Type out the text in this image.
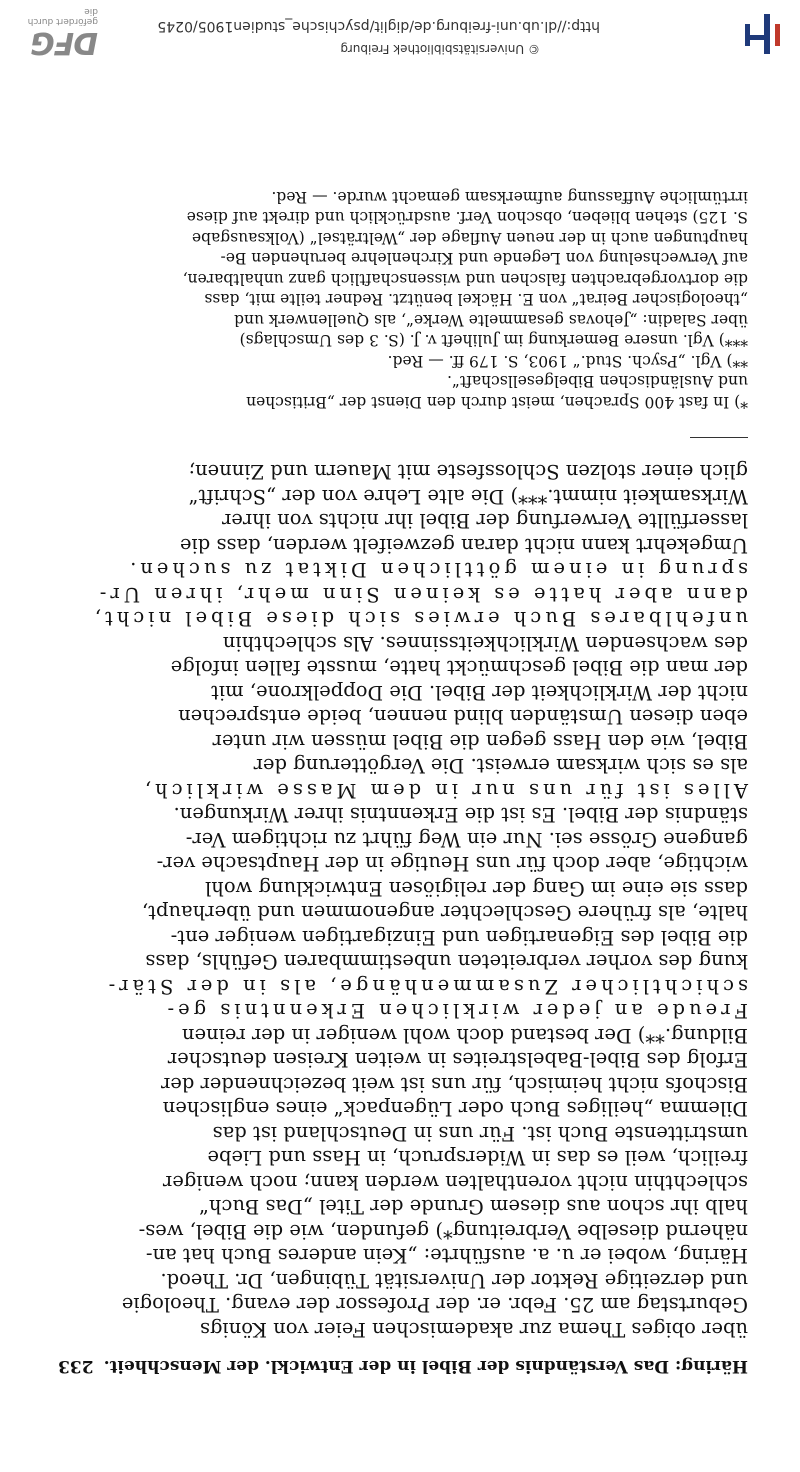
Häring: Das Verständnis der Bibel in der Entwickl. der Menschheit.
233

über obiges Thema zur akademischen Feier von Königs

Geburtstag am 25. Febr. er. der Professor der evang. Theologie

und derzeitige Rektor der Universität Tübingen, Dr. Theod.

Häring, wobei er u. a. ausführte: „Kein anderes Buch hat an-

nähernd dieselbe Verbreitung*) gefunden, wie die Bibel, wes-

halb ihr schon aus diesem Grunde der Titel „Das Buch“

schlechthin nicht vorenthalten werden kann; noch weniger

freilich, weil es das in Widerspruch, in Hass und Liebe

umstrittenste Buch ist. Für uns in Deutschland ist das

Dilemma „heiliges Buch oder Lügenpack“ eines englischen

Bischofs nicht heimisch, für uns ist weit bezeichnender der

Erfolg des Bibel-Babelstreites in weiten Kreisen deutscher

Bildung.**) Der bestand doch wohl weniger in der reinen

Freude an jeder wirklichen Erkenntnis ge-

schichtlicher Zusammenhänge, als in der Stär-

kung des vorher verbreiteten unbestimmbaren Gefühls, dass

die Bibel des Eigenartigen und Einzigartigen weniger ent-

halte, als frühere Geschlechter angenommen und überhaupt,

dass sie eine im Gang der religiösen Entwicklung wohl

wichtige, aber doch für uns Heutige in der Hauptsache ver-

gangene Grösse sei. Nur ein Weg führt zu richtigem Ver-

ständnis der Bibel. Es ist die Erkenntnis ihrer Wirkungen.

Alles ist für uns nur in dem Masse wirklich,

als es sich wirksam erweist. Die Vergötterung der

Bibel, wie den Hass gegen die Bibel müssen wir unter

eben diesen Umständen blind nennen, beide entsprechen

nicht der Wirklichkeit der Bibel. Die Doppelkrone, mit

der man die Bibel geschmückt hatte, musste fallen infolge

des wachsenden Wirklichkeitssinnes. Als schlechthin

unfehlbares Buch erwies sich diese Bibel nicht,

dann aber hatte es keinen Sinn mehr, ihren Ur-

sprung in einem göttlichen Diktat zu suchen.

Umgekehrt kann nicht daran gezweifelt werden, dass die

lasserfüllte Verwerfung der Bibel ihr nichts von ihrer

Wirksamkeit nimmt.***) Die alte Lehre von der „Schrift“

glich einer stolzen Schlossfeste mit Mauern und Zinnen;

*) In fast 400 Sprachen, meist durch den Dienst der „Britischen

und Ausländischen Bibelgesellschaft“.

**) Vgl. „Psych. Stud.“ 1903, S. 179 ff. — Red.

***) Vgl. unsere Bemerkung im Juliheft v. J. (S. 3 des Umschlags)

über Saladin: „Jehovas gesammelte Werke“, als Quellenwerk und

„theologischer Beirat“ von E. Häckel benützt. Redner teilte mit, dass

die dortvorgebrachten falschen und wissenschaftlich ganz unhaltbaren,

auf Verwechselung von Legende und Kirchenlehre beruhenden Be-

hauptungen auch in der neuen Auflage der „Welträtsel“ (Volksausgabe

S. 125) stehen blieben, obschon Verf. ausdrücklich und direkt auf diese

irrtümliche Auffassung aufmerksam gemacht wurde. — Red.

© Universitätsbibliothek Freiburg
http://dl.ub.uni-freiburg.de/diglit/psychische_studien1905/0245
DFG
gefördert durch die
